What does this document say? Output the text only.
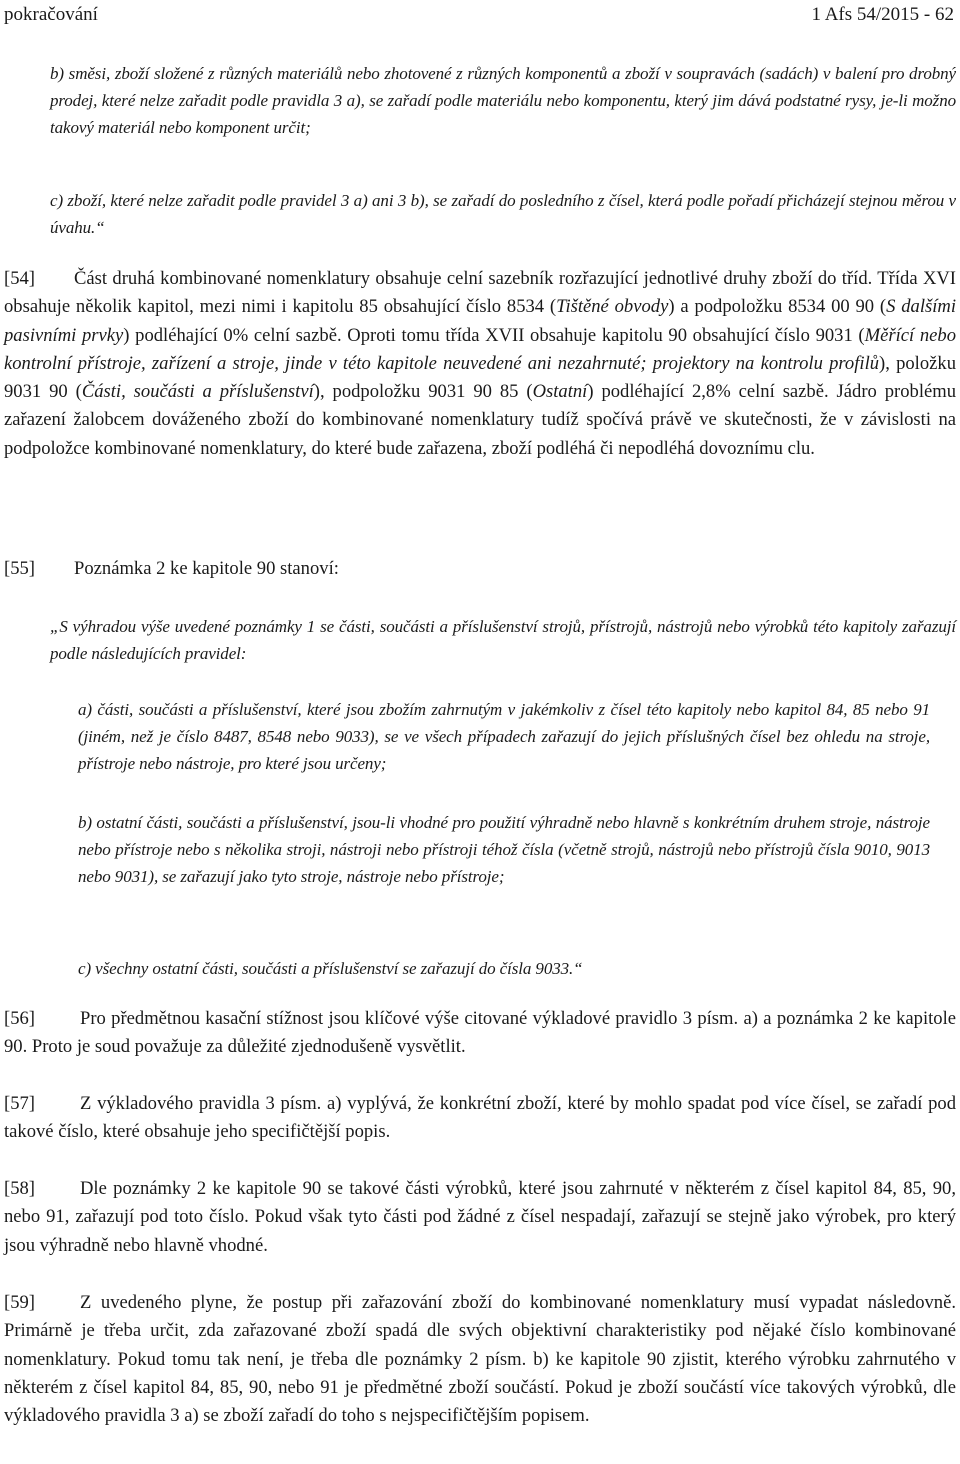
pokračování	1 Afs 54/2015 - 62

b) směsi, zboží složené z různých materiálů nebo zhotovené z různých komponentů a zboží v soupravách (sadách) v balení pro drobný prodej, které nelze zařadit podle pravidla 3 a), se zařadí podle materiálu nebo komponentu, který jim dává podstatné rysy, je-li možno takový materiál nebo komponent určit;

c) zboží, které nelze zařadit podle pravidel 3 a) ani 3 b), se zařadí do posledního z čísel, která podle pořadí přicházejí stejnou měrou v úvahu.“

[54] Část druhá kombinované nomenklatury obsahuje celní sazebník rozřazující jednotlivé druhy zboží do tříd. Třída XVI obsahuje několik kapitol, mezi nimi i kapitolu 85 obsahující číslo 8534 (Tištěné obvody) a podpoložku 8534 00 90 (S dalšími pasivními prvky) podléhající 0% celní sazbě. Oproti tomu třída XVII obsahuje kapitolu 90 obsahující číslo 9031 (Měřící nebo kontrolní přístroje, zařízení a stroje, jinde v této kapitole neuvedené ani nezahrnuté; projektory na kontrolu profilů), položku 9031 90 (Části, součásti a příslušenství), podpoložku 9031 90 85 (Ostatní) podléhající 2,8% celní sazbě. Jádro problému zařazení žalobcem dováženého zboží do kombinované nomenklatury tudíž spočívá právě ve skutečnosti, že v závislosti na podpoložce kombinované nomenklatury, do které bude zařazena, zboží podléhá či nepodléhá dovoznímu clu.

[55] Poznámka 2 ke kapitole 90 stanoví:

„S výhradou výše uvedené poznámky 1 se části, součásti a příslušenství strojů, přístrojů, nástrojů nebo výrobků této kapitoly zařazují podle následujících pravidel:

a) části, součásti a příslušenství, které jsou zbožím zahrnutým v jakémkoliv z čísel této kapitoly nebo kapitol 84, 85 nebo 91 (jiném, než je číslo 8487, 8548 nebo 9033), se ve všech případech zařazují do jejich příslušných čísel bez ohledu na stroje, přístroje nebo nástroje, pro které jsou určeny;

b) ostatní části, součásti a příslušenství, jsou-li vhodné pro použití výhradně nebo hlavně s konkrétním druhem stroje, nástroje nebo přístroje nebo s několika stroji, nástroji nebo přístroji téhož čísla (včetně strojů, nástrojů nebo přístrojů čísla 9010, 9013 nebo 9031), se zařazují jako tyto stroje, nástroje nebo přístroje;

c) všechny ostatní části, součásti a příslušenství se zařazují do čísla 9033.“

[56] Pro předmětnou kasační stížnost jsou klíčové výše citované výkladové pravidlo 3 písm. a) a poznámka 2 ke kapitole 90. Proto je soud považuje za důležité zjednodušeně vysvětlit.

[57] Z výkladového pravidla 3 písm. a) vyplývá, že konkrétní zboží, které by mohlo spadat pod více čísel, se zařadí pod takové číslo, které obsahuje jeho specifičtější popis.

[58] Dle poznámky 2 ke kapitole 90 se takové části výrobků, které jsou zahrnuté v některém z čísel kapitol 84, 85, 90, nebo 91, zařazují pod toto číslo. Pokud však tyto části pod žádné z čísel nespadají, zařazují se stejně jako výrobek, pro který jsou výhradně nebo hlavně vhodné.

[59] Z uvedeného plyne, že postup při zařazování zboží do kombinované nomenklatury musí vypadat následovně. Primárně je třeba určit, zda zařazované zboží spadá dle svých objektivní charakteristiky pod nějaké číslo kombinované nomenklatury. Pokud tomu tak není, je třeba dle poznámky 2 písm. b) ke kapitole 90 zjistit, kterého výrobku zahrnutého v některém z čísel kapitol 84, 85, 90, nebo 91 je předmětné zboží součástí. Pokud je zboží součástí více takových výrobků, dle výkladového pravidla 3 a) se zboží zařadí do toho s nejspecifičtějším popisem.
